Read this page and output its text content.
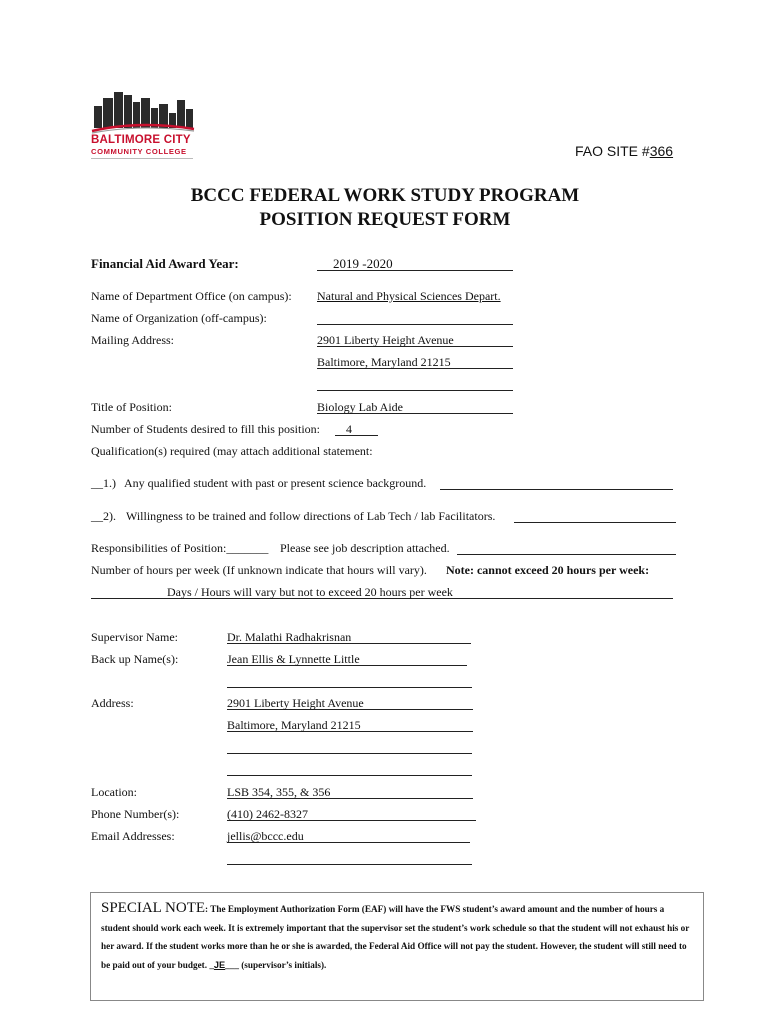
BALTIMORE CITY
COMMUNITY COLLEGE	FAO SITE #366
BCCC FEDERAL WORK STUDY PROGRAM
POSITION REQUEST FORM
Financial Aid Award Year:	2019 -2020
Name of Department Office (on campus): Natural and Physical Sciences Depart.
Name of Organization (off-campus):
Mailing Address:	2901 Liberty Height Avenue
Baltimore, Maryland 21215
Title of Position:	Biology Lab Aide
Number of Students desired to fill this position: 4
Qualification(s) required (may attach additional statement:
__1.) Any qualified student with past or present science background.
__2). Willingness to be trained and follow directions of Lab Tech / lab Facilitators.
Responsibilities of Position:_______ Please see job description attached.
Number of hours per week (If unknown indicate that hours will vary). Note: cannot exceed 20 hours per week:
Days / Hours will vary but not to exceed 20 hours per week
Supervisor Name:	Dr. Malathi Radhakrisnan
Back up Name(s):	Jean Ellis & Lynnette Little
Address:	2901 Liberty Height Avenue
Baltimore, Maryland 21215
Location:	LSB 354, 355, & 356
Phone Number(s):	(410) 2462-8327
Email Addresses:	jellis@bccc.edu
SPECIAL NOTE: The Employment Authorization Form (EAF) will have the FWS student’s award amount and the number of hours a student should work each week. It is extremely important that the supervisor set the student’s work schedule so that the student will not exhaust his or her award. If the student works more than he or she is awarded, the Federal Aid Office will not pay the student. However, the student will still need to be paid out of your budget. _JE___ (supervisor’s initials).
